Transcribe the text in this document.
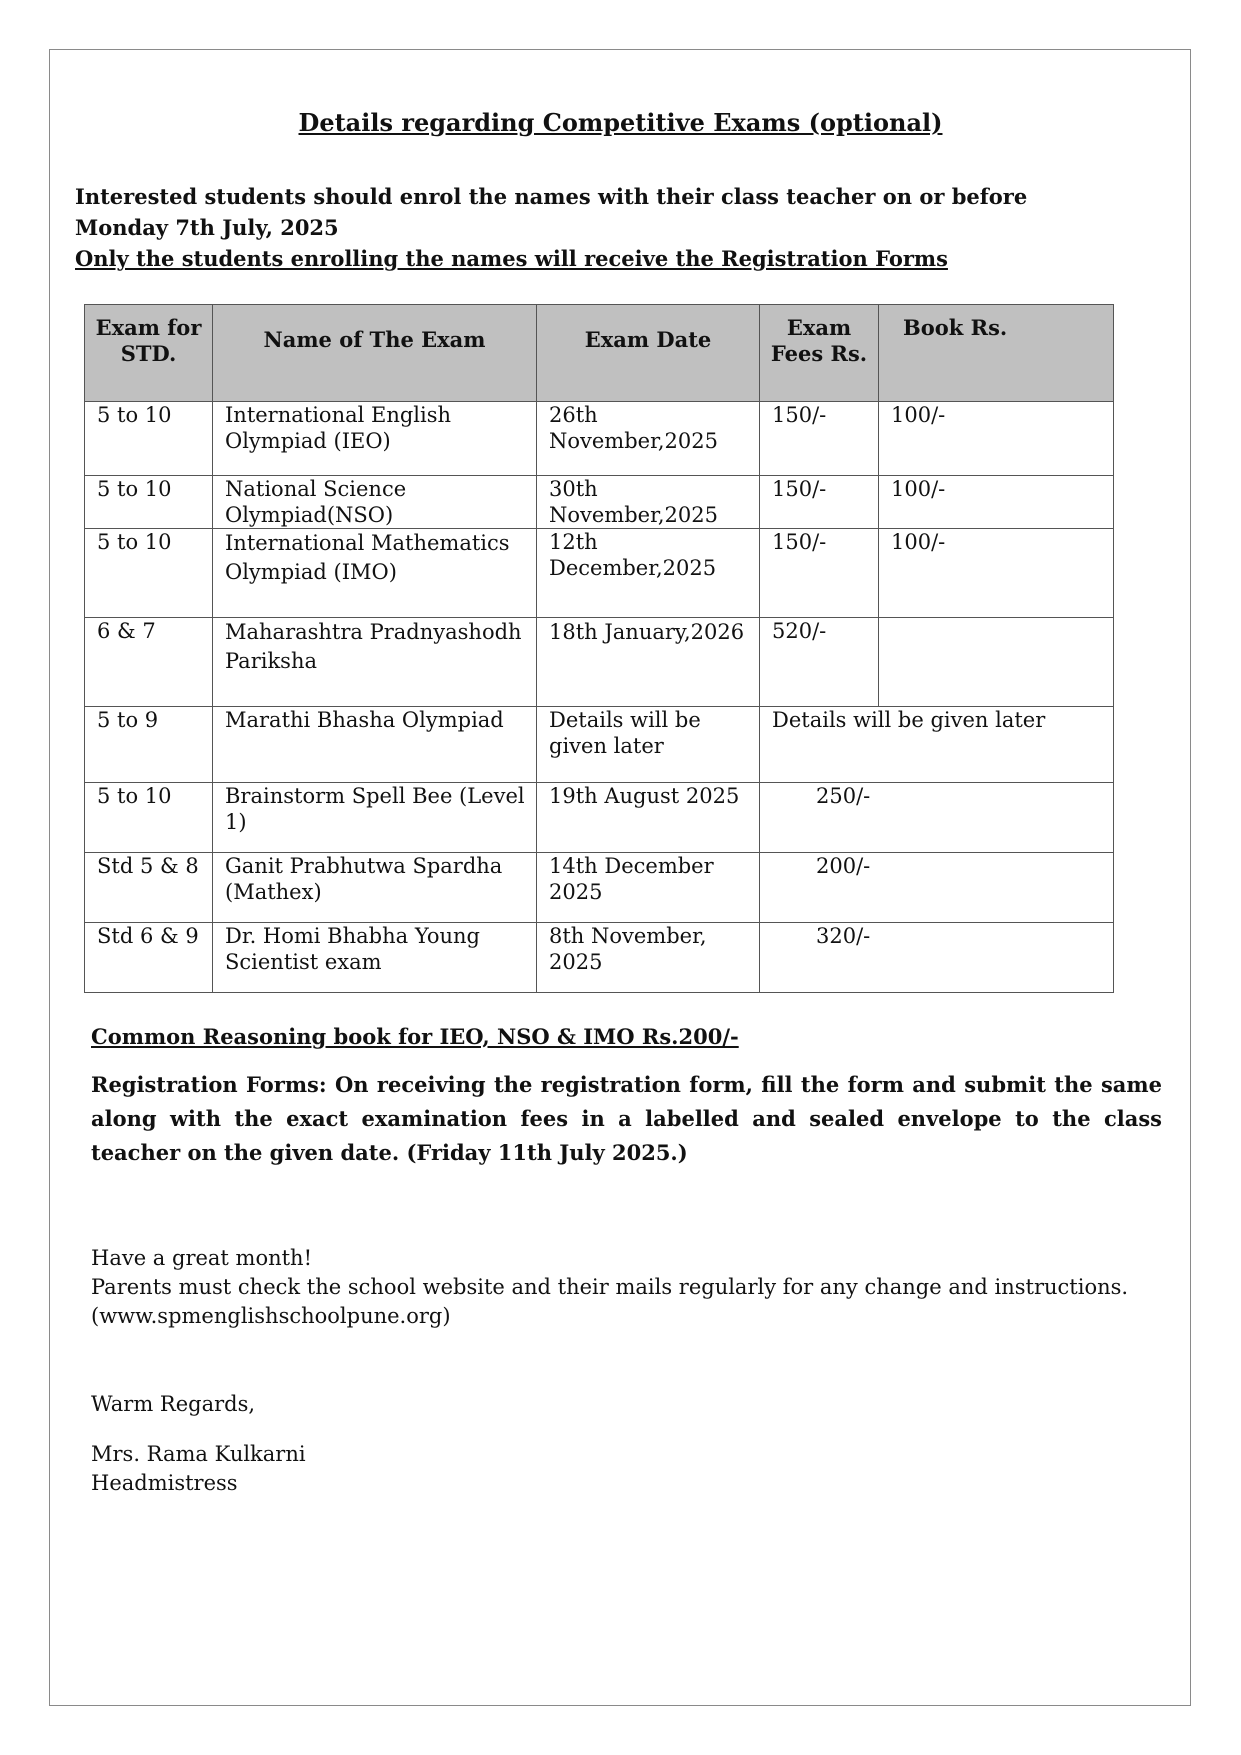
Details regarding Competitive Exams (optional)
Interested students should enrol the names with their class teacher on or before
Monday 7th July, 2025
Only the students enrolling the names will receive the Registration Forms
Exam for STD.	Name of The Exam	Exam Date	Exam Fees Rs.	Book Rs.
5 to 10	International English Olympiad (IEO)	26th November,2025	150/-	100/-
5 to 10	National Science Olympiad(NSO)	30th November,2025	150/-	100/-
5 to 10	International Mathematics Olympiad (IMO)	12th December,2025	150/-	100/-
6 & 7	Maharashtra Pradnyashodh Pariksha	18th January,2026	520/-	
5 to 9	Marathi Bhasha Olympiad	Details will be given later	Details will be given later	
5 to 10	Brainstorm Spell Bee (Level 1)	19th August 2025	250/-	
Std 5 & 8	Ganit Prabhutwa Spardha (Mathex)	14th December 2025	200/-	
Std 6 & 9	Dr. Homi Bhabha Young Scientist exam	8th November, 2025	320/-	
Common Reasoning book for IEO, NSO & IMO Rs.200/-
Registration Forms: On receiving the registration form, fill the form and submit the same along with the exact examination fees in a labelled and sealed envelope to the class teacher on the given date. (Friday 11th July 2025.)
Have a great month!
Parents must check the school website and their mails regularly for any change and instructions.
(www.spmenglishschoolpune.org)
Warm Regards,
Mrs. Rama Kulkarni
Headmistress
